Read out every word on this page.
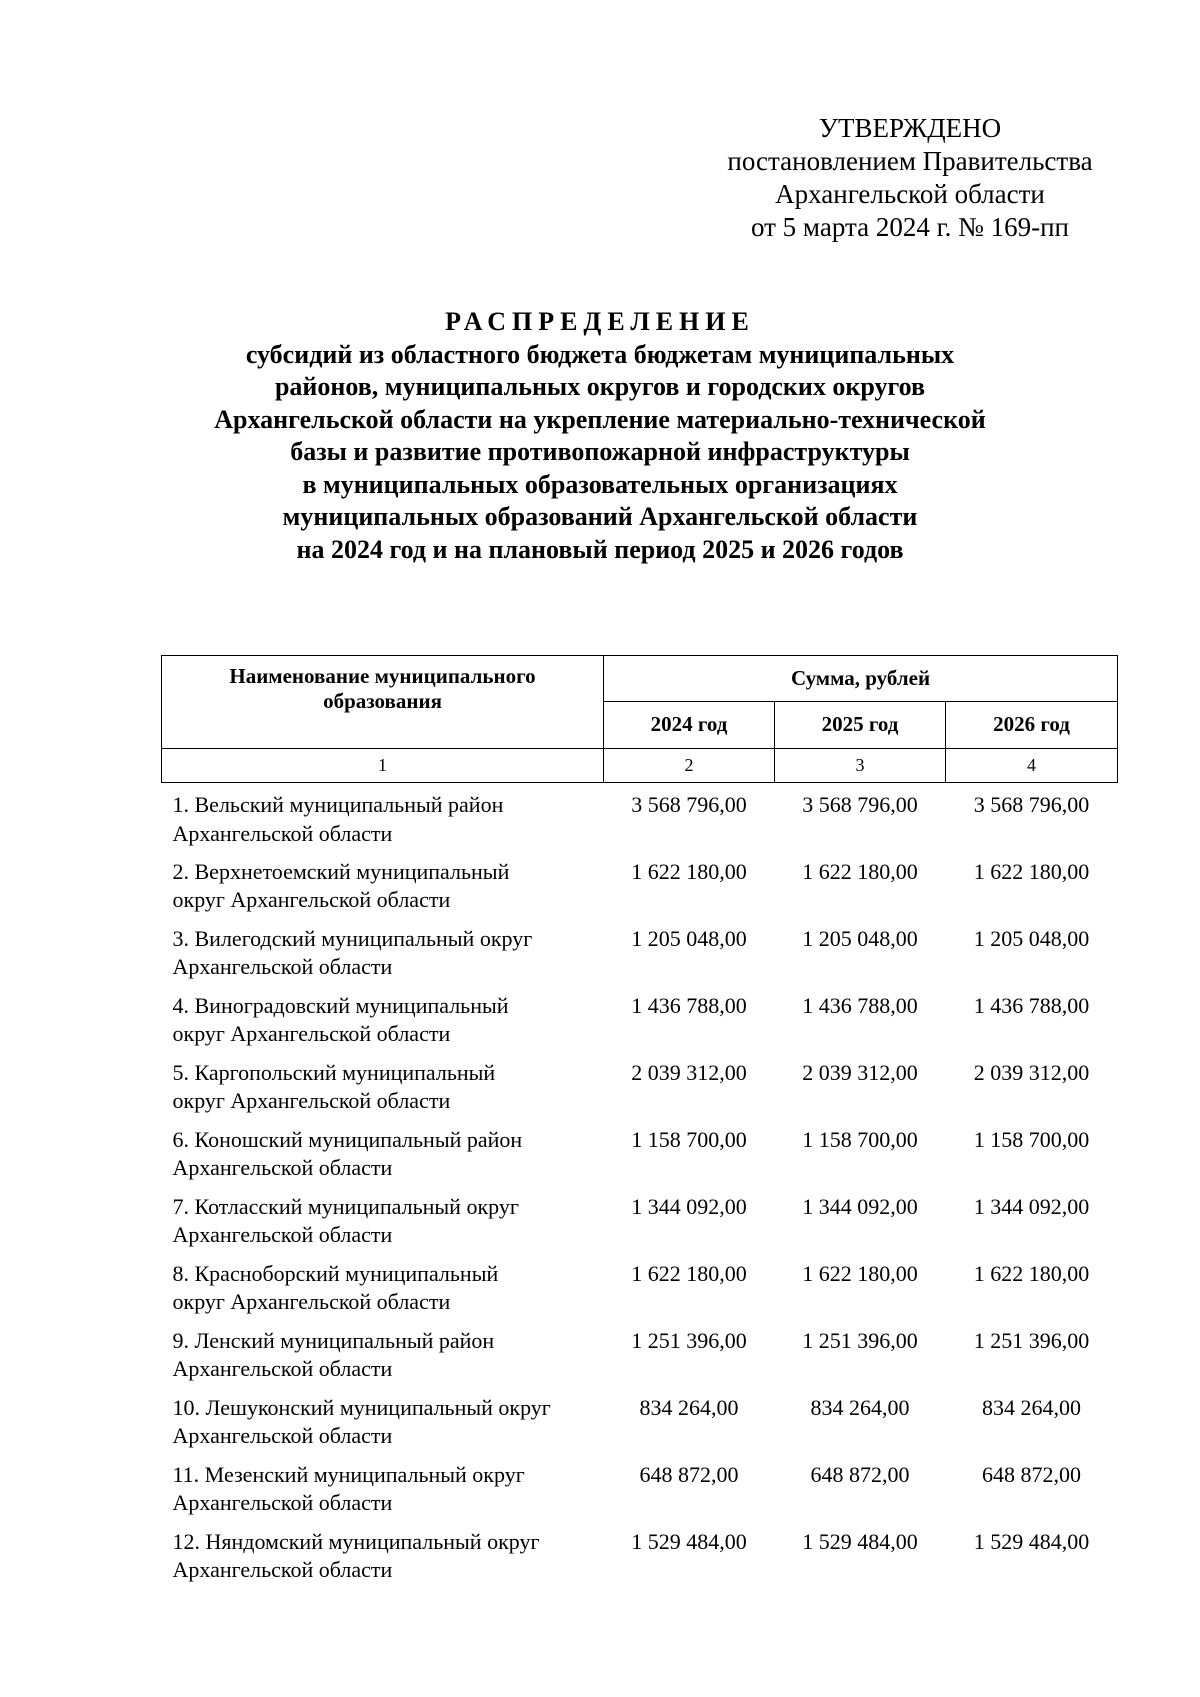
УТВЕРЖДЕНО
постановлением Правительства
Архангельской области
от 5 марта 2024 г. № 169-пп
РАСПРЕДЕЛЕНИЕ
субсидий из областного бюджета бюджетам муниципальных
районов, муниципальных округов и городских округов
Архангельской области на укрепление материально-технической
базы и развитие противопожарной инфраструктуры
в муниципальных образовательных организациях
муниципальных образований Архангельской области
на 2024 год и на плановый период 2025 и 2026 годов
Наименование муниципального
образования	Сумма, рублей		
	2024 год	2025 год	2026 год
1	2	3	4

1. Вельский муниципальный район
Архангельской области	3 568 796,00	3 568 796,00	3 568 796,00

2. Верхнетоемский муниципальный
округ Архангельской области	1 622 180,00	1 622 180,00	1 622 180,00

3. Вилегодский муниципальный округ
Архангельской области	1 205 048,00	1 205 048,00	1 205 048,00

4. Виноградовский муниципальный
округ Архангельской области	1 436 788,00	1 436 788,00	1 436 788,00

5. Каргопольский муниципальный
округ Архангельской области	2 039 312,00	2 039 312,00	2 039 312,00

6. Коношский муниципальный район
Архангельской области	1 158 700,00	1 158 700,00	1 158 700,00

7. Котласский муниципальный округ
Архангельской области	1 344 092,00	1 344 092,00	1 344 092,00

8. Красноборский муниципальный
округ Архангельской области	1 622 180,00	1 622 180,00	1 622 180,00

9. Ленский муниципальный район
Архангельской области	1 251 396,00	1 251 396,00	1 251 396,00

10. Лешуконский муниципальный округ
Архангельской области	834 264,00	834 264,00	834 264,00

11. Мезенский муниципальный округ
Архангельской области	648 872,00	648 872,00	648 872,00

12. Няндомский муниципальный округ
Архангельской области	1 529 484,00	1 529 484,00	1 529 484,00
